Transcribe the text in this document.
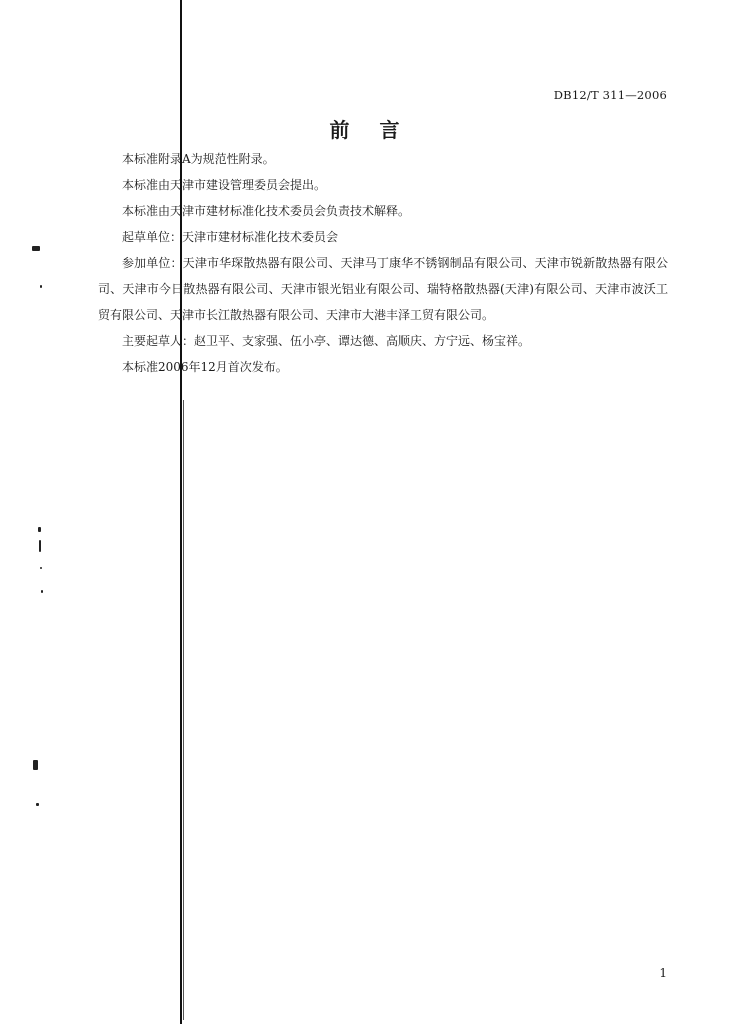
DB12/T 311—2006
前言

本标准附录A为规范性附录。

本标准由天津市建设管理委员会提出。

本标准由天津市建材标准化技术委员会负责技术解释。

起草单位：天津市建材标准化技术委员会

参加单位：天津市华琛散热器有限公司、天津马丁康华不锈钢制品有限公司、天津市锐新散热器有限公司、天津市今日散热器有限公司、天津市银光铝业有限公司、瑞特格散热器(天津)有限公司、天津市波沃工贸有限公司、天津市长江散热器有限公司、天津市大港丰泽工贸有限公司。

主要起草人：赵卫平、支家强、伍小亭、谭达德、高顺庆、方宁远、杨宝祥。

本标准2006年12月首次发布。

1
